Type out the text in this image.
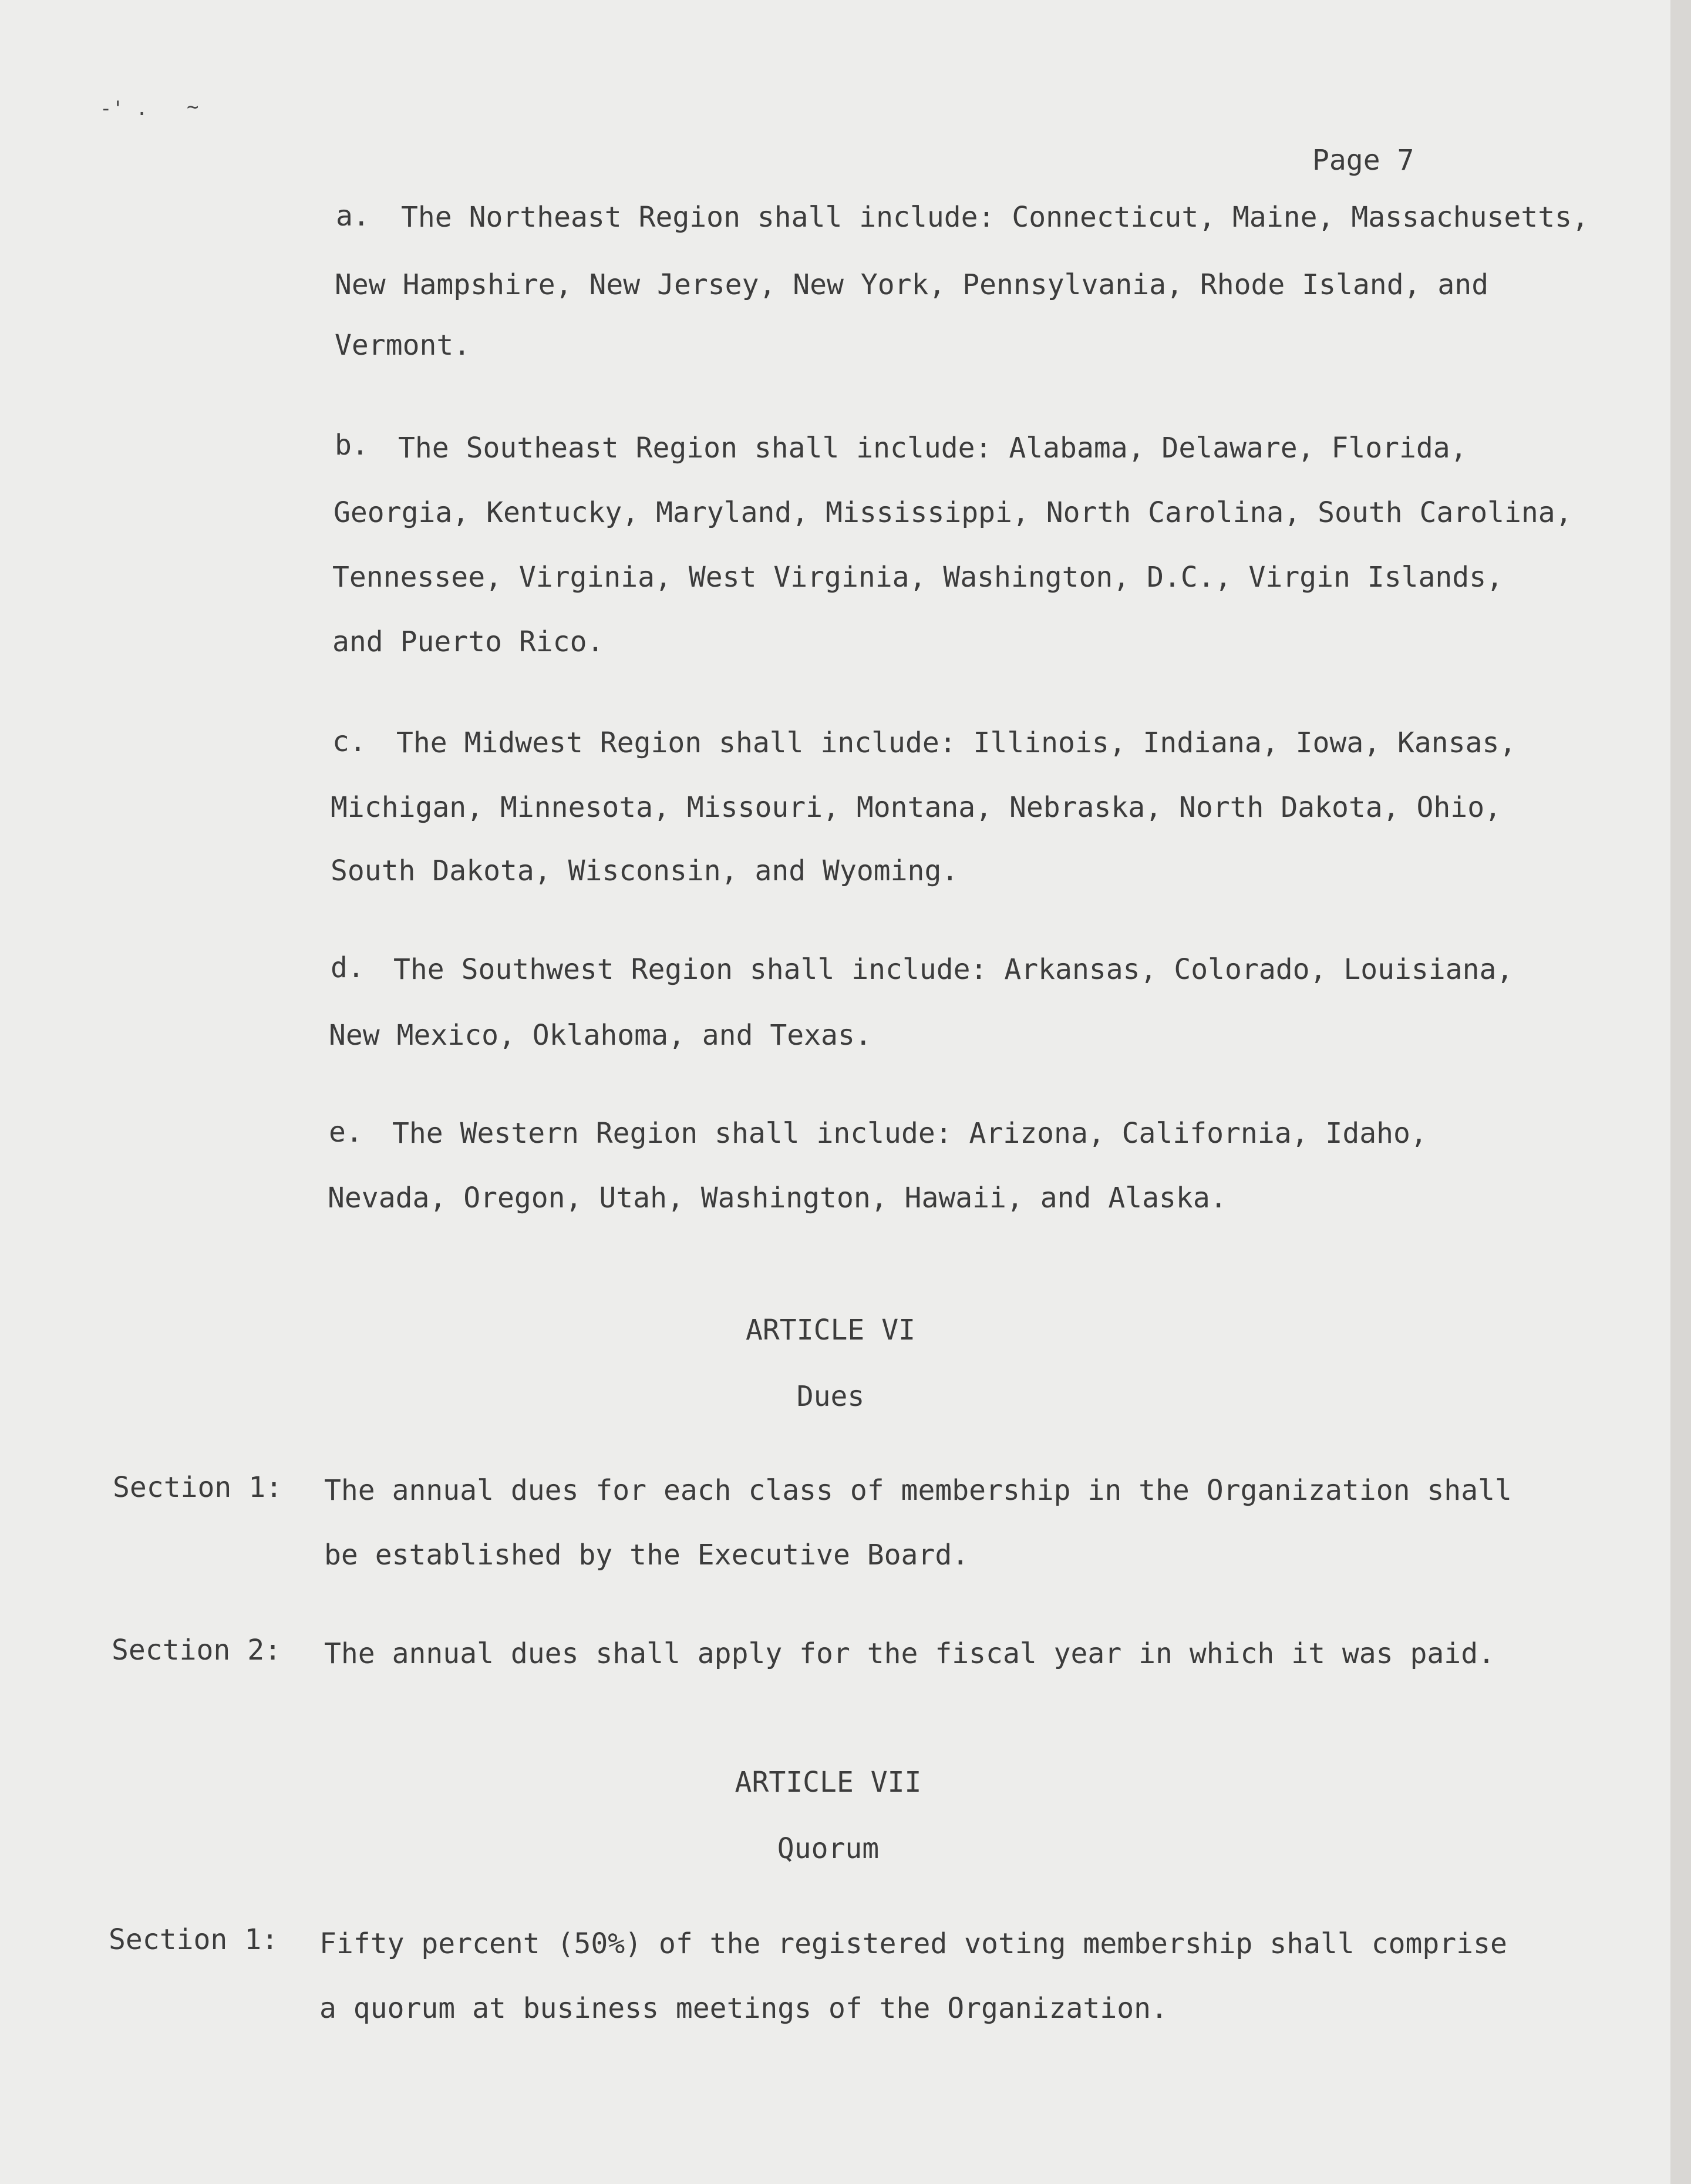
-' . ~
Page 7
a. The Northeast Region shall include: Connecticut, Maine, Massachusetts,
New Hampshire, New Jersey, New York, Pennsylvania, Rhode Island, and
Vermont.
b. The Southeast Region shall include: Alabama, Delaware, Florida,
Georgia, Kentucky, Maryland, Mississippi, North Carolina, South Carolina,
Tennessee, Virginia, West Virginia, Washington, D.C., Virgin Islands,
and Puerto Rico.
c. The Midwest Region shall include: Illinois, Indiana, Iowa, Kansas,
Michigan, Minnesota, Missouri, Montana, Nebraska, North Dakota, Ohio,
South Dakota, Wisconsin, and Wyoming.
d. The Southwest Region shall include: Arkansas, Colorado, Louisiana,
New Mexico, Oklahoma, and Texas.
e. The Western Region shall include: Arizona, California, Idaho,
Nevada, Oregon, Utah, Washington, Hawaii, and Alaska.
ARTICLE VI
Dues
Section 1: The annual dues for each class of membership in the Organization shall
be established by the Executive Board.
Section 2: The annual dues shall apply for the fiscal year in which it was paid.
ARTICLE VII
Quorum
Section 1: Fifty percent (50%) of the registered voting membership shall comprise
a quorum at business meetings of the Organization.
